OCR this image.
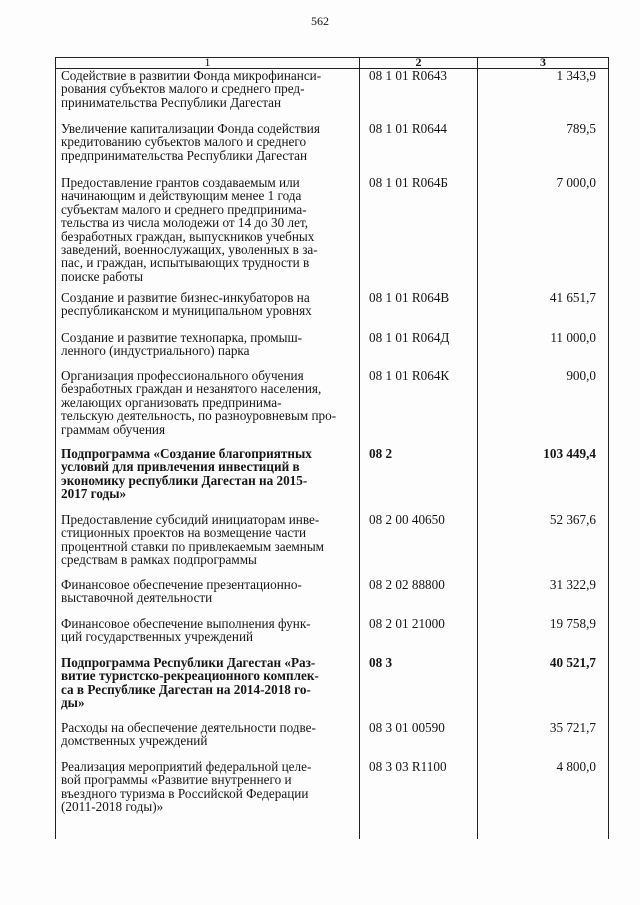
562
1	2	3
Содействие в развитии Фонда микрофинанси-
рования субъектов малого и среднего пред-
принимательства Республики Дагестан
08 1 01 R0643	1 343,9
Увеличение капитализации Фонда содействия
кредитованию субъектов малого и среднего
предпринимательства Республики Дагестан
08 1 01 R0644	789,5
Предоставление грантов создаваемым или
начинающим и действующим менее 1 года
субъектам малого и среднего предпринима-
тельства из числа молодежи от 14 до 30 лет,
безработных граждан, выпускников учебных
заведений, военнослужащих, уволенных в за-
пас, и граждан, испытывающих трудности в
поиске работы
08 1 01 R064Б	7 000,0
Создание и развитие бизнес-инкубаторов на
республиканском и муниципальном уровнях
08 1 01 R064В	41 651,7
Создание и развитие технопарка, промыш-
ленного (индустриального) парка
08 1 01 R064Д	11 000,0
Организация профессионального обучения
безработных граждан и незанятого населения,
желающих организовать предпринима-
тельскую деятельность, по разноуровневым про-
граммам обучения
08 1 01 R064К	900,0
Подпрограмма «Создание благоприятных
условий для привлечения инвестиций в
экономику республики Дагестан на 2015-
2017 годы»
08 2	103 449,4
Предоставление субсидий инициаторам инве-
стиционных проектов на возмещение части
процентной ставки по привлекаемым заемным
средствам в рамках подпрограммы
08 2 00 40650	52 367,6
Финансовое обеспечение презентационно-
выставочной деятельности
08 2 02 88800	31 322,9
Финансовое обеспечение выполнения функ-
ций государственных учреждений
08 2 01 21000	19 758,9
Подпрограмма Республики Дагестан «Раз-
витие туристско-рекреационного комплек-
са в Республике Дагестан на 2014-2018 го-
ды»
08 3	40 521,7
Расходы на обеспечение деятельности подве-
домственных учреждений
08 3 01 00590	35 721,7
Реализация мероприятий федеральной целе-
вой программы «Развитие внутреннего и
въездного туризма в Российской Федерации
(2011-2018 годы)»
08 3 03 R1100	4 800,0
